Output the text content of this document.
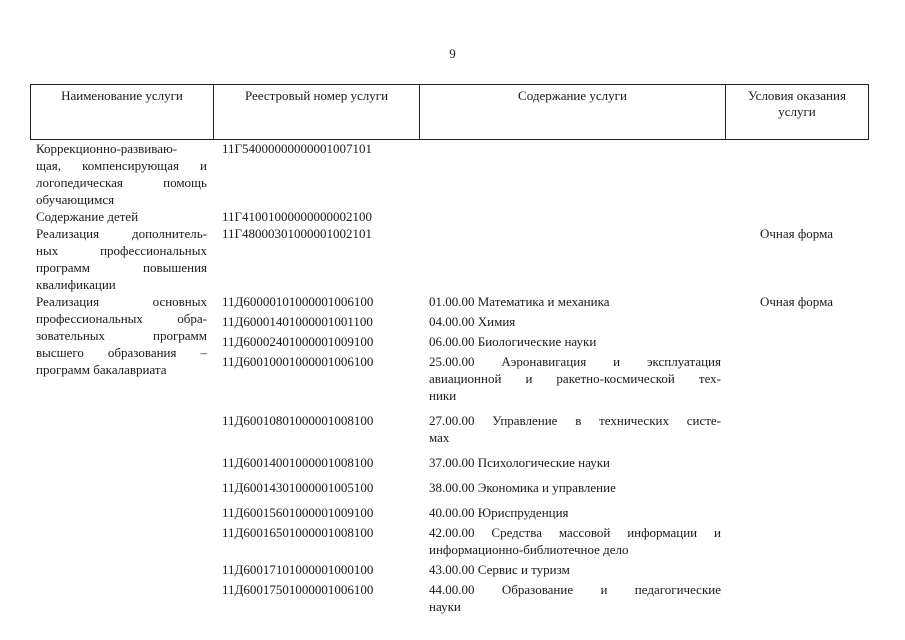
9
Наименование услуги	Реестровый номер услуги	Содержание услуги	Условия оказания услуги
Коррекционно-развиваю-
щая, компенсирующая и
логопедическая помощь
обучающимся	11Г54000000000001007101			

Содержание детей	11Г41001000000000002100			

Реализация дополнитель-
ных профессиональных
программ повышения
квалификации	11Г48000301000001002101		Очная форма	

Реализация основных
профессиональных обра-
зовательных программ
высшего образования –
программ бакалавриата	11Д60000101000001006100	01.00.00 Математика и механика	Очная форма	

	11Д60001401000001001100	04.00.00 Химия		

	11Д60002401000001009100	06.00.00 Биологические науки		

	11Д60010001000001006100	25.00.00 Аэронавигация и эксплуатация
авиационной и ракетно-космической тех-
ники		

	11Д60010801000001008100	27.00.00 Управление в технических систе-
мах		

	11Д60014001000001008100	37.00.00 Психологические науки		

	11Д60014301000001005100	38.00.00 Экономика и управление		

	11Д60015601000001009100	40.00.00 Юриспруденция		

	11Д60016501000001008100	42.00.00 Средства массовой информации и
информационно-библиотечное дело		

	11Д60017101000001000100	43.00.00 Сервис и туризм		

	11Д60017501000001006100	44.00.00 Образование и педагогические
науки		
